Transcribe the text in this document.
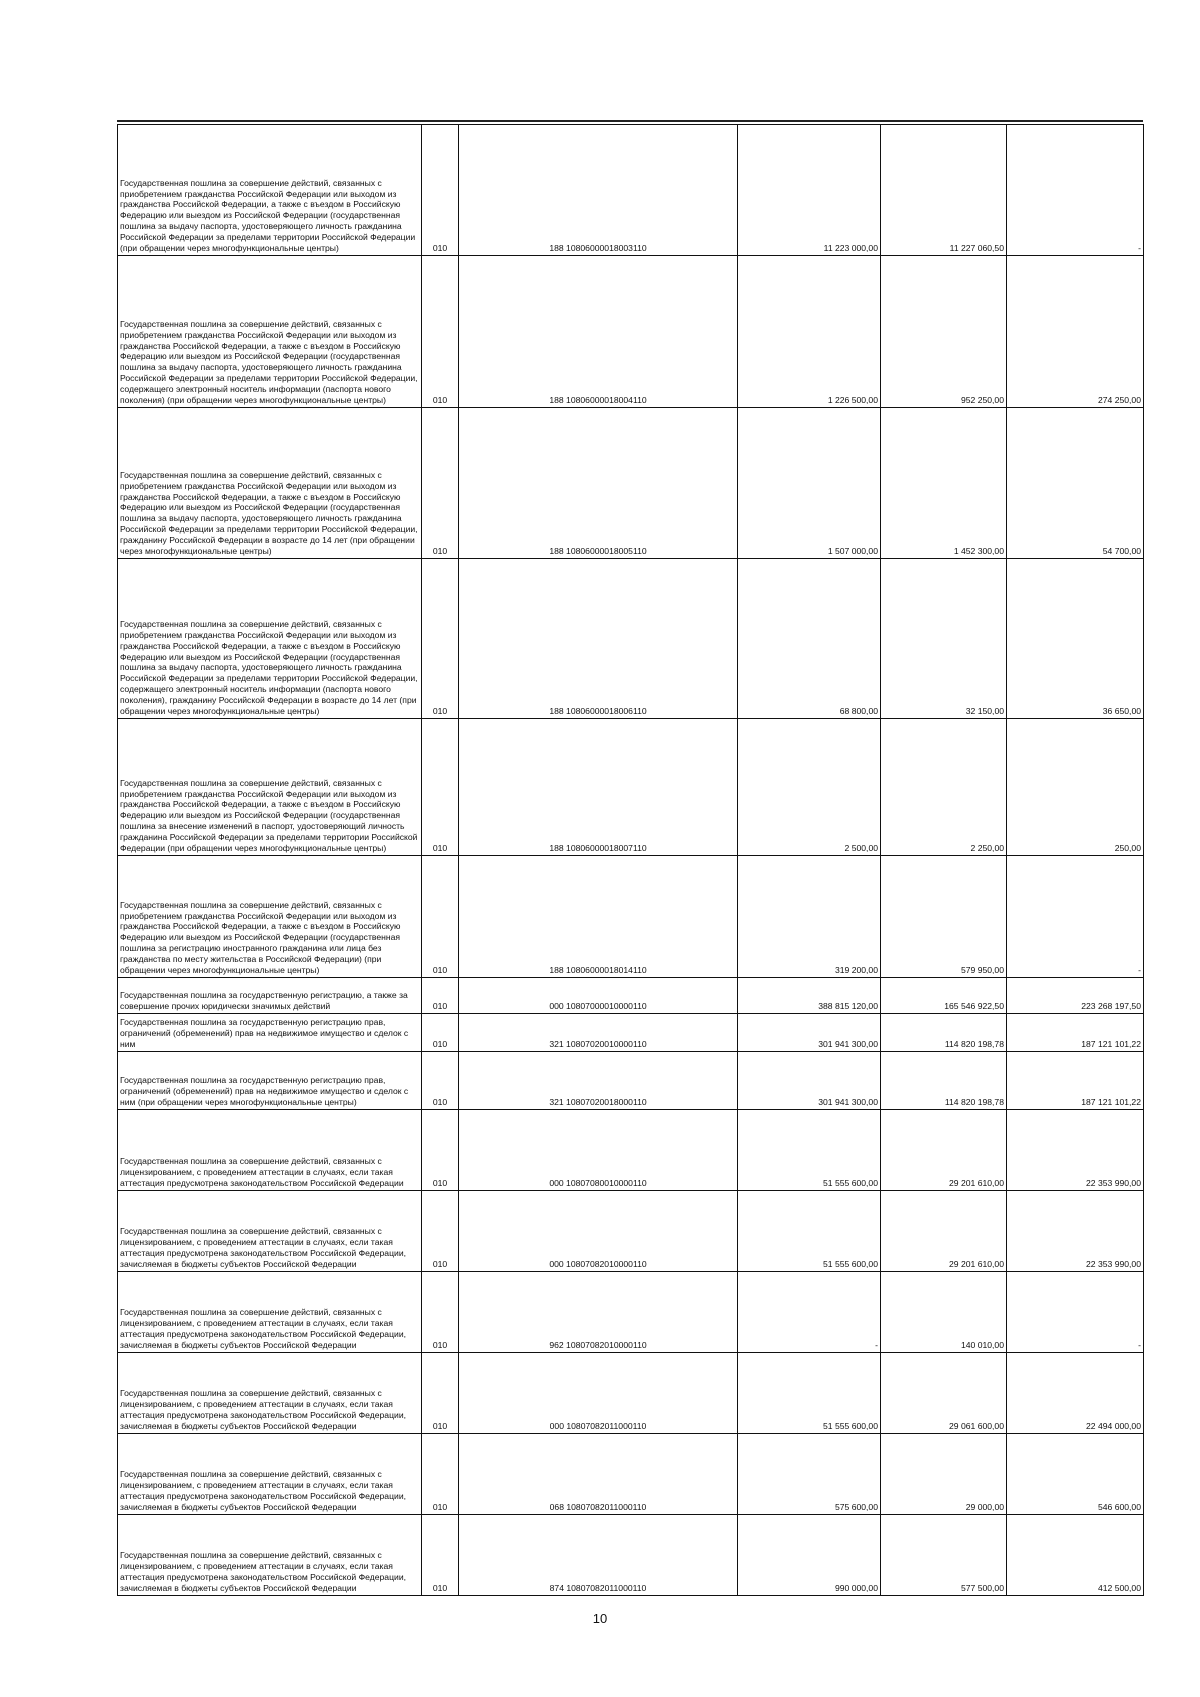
Государственная пошлина за совершение действий, связанных с приобретением гражданства Российской Федерации или выходом из гражданства Российской Федерации, а также с въездом в Российскую Федерацию или выездом из Российской Федерации (государственная пошлина за выдачу паспорта, удостоверяющего личность гражданина Российской Федерации за пределами территории Российской Федерации (при обращении через многофункциональные центры)	010	188 10806000018003110	11 223 000,00	11 227 060,50	-
Государственная пошлина за совершение действий, связанных с приобретением гражданства Российской Федерации или выходом из гражданства Российской Федерации, а также с въездом в Российскую Федерацию или выездом из Российской Федерации (государственная пошлина за выдачу паспорта, удостоверяющего личность гражданина Российской Федерации за пределами территории Российской Федерации, содержащего электронный носитель информации (паспорта нового поколения) (при обращении через многофункциональные центры)	010	188 10806000018004110	1 226 500,00	952 250,00	274 250,00
Государственная пошлина за совершение действий, связанных с приобретением гражданства Российской Федерации или выходом из гражданства Российской Федерации, а также с въездом в Российскую Федерацию или выездом из Российской Федерации (государственная пошлина за выдачу паспорта, удостоверяющего личность гражданина Российской Федерации за пределами территории Российской Федерации, гражданину Российской Федерации в возрасте до 14 лет (при обращении через многофункциональные центры)	010	188 10806000018005110	1 507 000,00	1 452 300,00	54 700,00
Государственная пошлина за совершение действий, связанных с приобретением гражданства Российской Федерации или выходом из гражданства Российской Федерации, а также с въездом в Российскую Федерацию или выездом из Российской Федерации (государственная пошлина за выдачу паспорта, удостоверяющего личность гражданина Российской Федерации за пределами территории Российской Федерации, содержащего электронный носитель информации (паспорта нового поколения), гражданину Российской Федерации в возрасте до 14 лет (при обращении через многофункциональные центры)	010	188 10806000018006110	68 800,00	32 150,00	36 650,00
Государственная пошлина за совершение действий, связанных с приобретением гражданства Российской Федерации или выходом из гражданства Российской Федерации, а также с въездом в Российскую Федерацию или выездом из Российской Федерации (государственная пошлина за внесение изменений в паспорт, удостоверяющий личность гражданина Российской Федерации за пределами территории Российской Федерации (при обращении через многофункциональные центры)	010	188 10806000018007110	2 500,00	2 250,00	250,00
Государственная пошлина за совершение действий, связанных с приобретением гражданства Российской Федерации или выходом из гражданства Российской Федерации, а также с въездом в Российскую Федерацию или выездом из Российской Федерации (государственная пошлина за регистрацию иностранного гражданина или лица без гражданства по месту жительства в Российской Федерации) (при обращении через многофункциональные центры)	010	188 10806000018014110	319 200,00	579 950,00	-
Государственная пошлина за государственную регистрацию, а также за совершение прочих юридически значимых действий	010	000 10807000010000110	388 815 120,00	165 546 922,50	223 268 197,50
Государственная пошлина за государственную регистрацию прав, ограничений (обременений) прав на недвижимое имущество и сделок с ним	010	321 10807020010000110	301 941 300,00	114 820 198,78	187 121 101,22
Государственная пошлина за государственную регистрацию прав, ограничений (обременений) прав на недвижимое имущество и сделок с ним (при обращении через многофункциональные центры)	010	321 10807020018000110	301 941 300,00	114 820 198,78	187 121 101,22
Государственная пошлина за совершение действий, связанных с лицензированием, с проведением аттестации в случаях, если такая аттестация предусмотрена законодательством Российской Федерации	010	000 10807080010000110	51 555 600,00	29 201 610,00	22 353 990,00
Государственная пошлина за совершение действий, связанных с лицензированием, с проведением аттестации в случаях, если такая аттестация предусмотрена законодательством Российской Федерации, зачисляемая в бюджеты субъектов Российской Федерации	010	000 10807082010000110	51 555 600,00	29 201 610,00	22 353 990,00
Государственная пошлина за совершение действий, связанных с лицензированием, с проведением аттестации в случаях, если такая аттестация предусмотрена законодательством Российской Федерации, зачисляемая в бюджеты субъектов Российской Федерации	010	962 10807082010000110	-	140 010,00	-
Государственная пошлина за совершение действий, связанных с лицензированием, с проведением аттестации в случаях, если такая аттестация предусмотрена законодательством Российской Федерации, зачисляемая в бюджеты субъектов Российской Федерации	010	000 10807082011000110	51 555 600,00	29 061 600,00	22 494 000,00
Государственная пошлина за совершение действий, связанных с лицензированием, с проведением аттестации в случаях, если такая аттестация предусмотрена законодательством Российской Федерации, зачисляемая в бюджеты субъектов Российской Федерации	010	068 10807082011000110	575 600,00	29 000,00	546 600,00
Государственная пошлина за совершение действий, связанных с лицензированием, с проведением аттестации в случаях, если такая аттестация предусмотрена законодательством Российской Федерации, зачисляемая в бюджеты субъектов Российской Федерации	010	874 10807082011000110	990 000,00	577 500,00	412 500,00
10
